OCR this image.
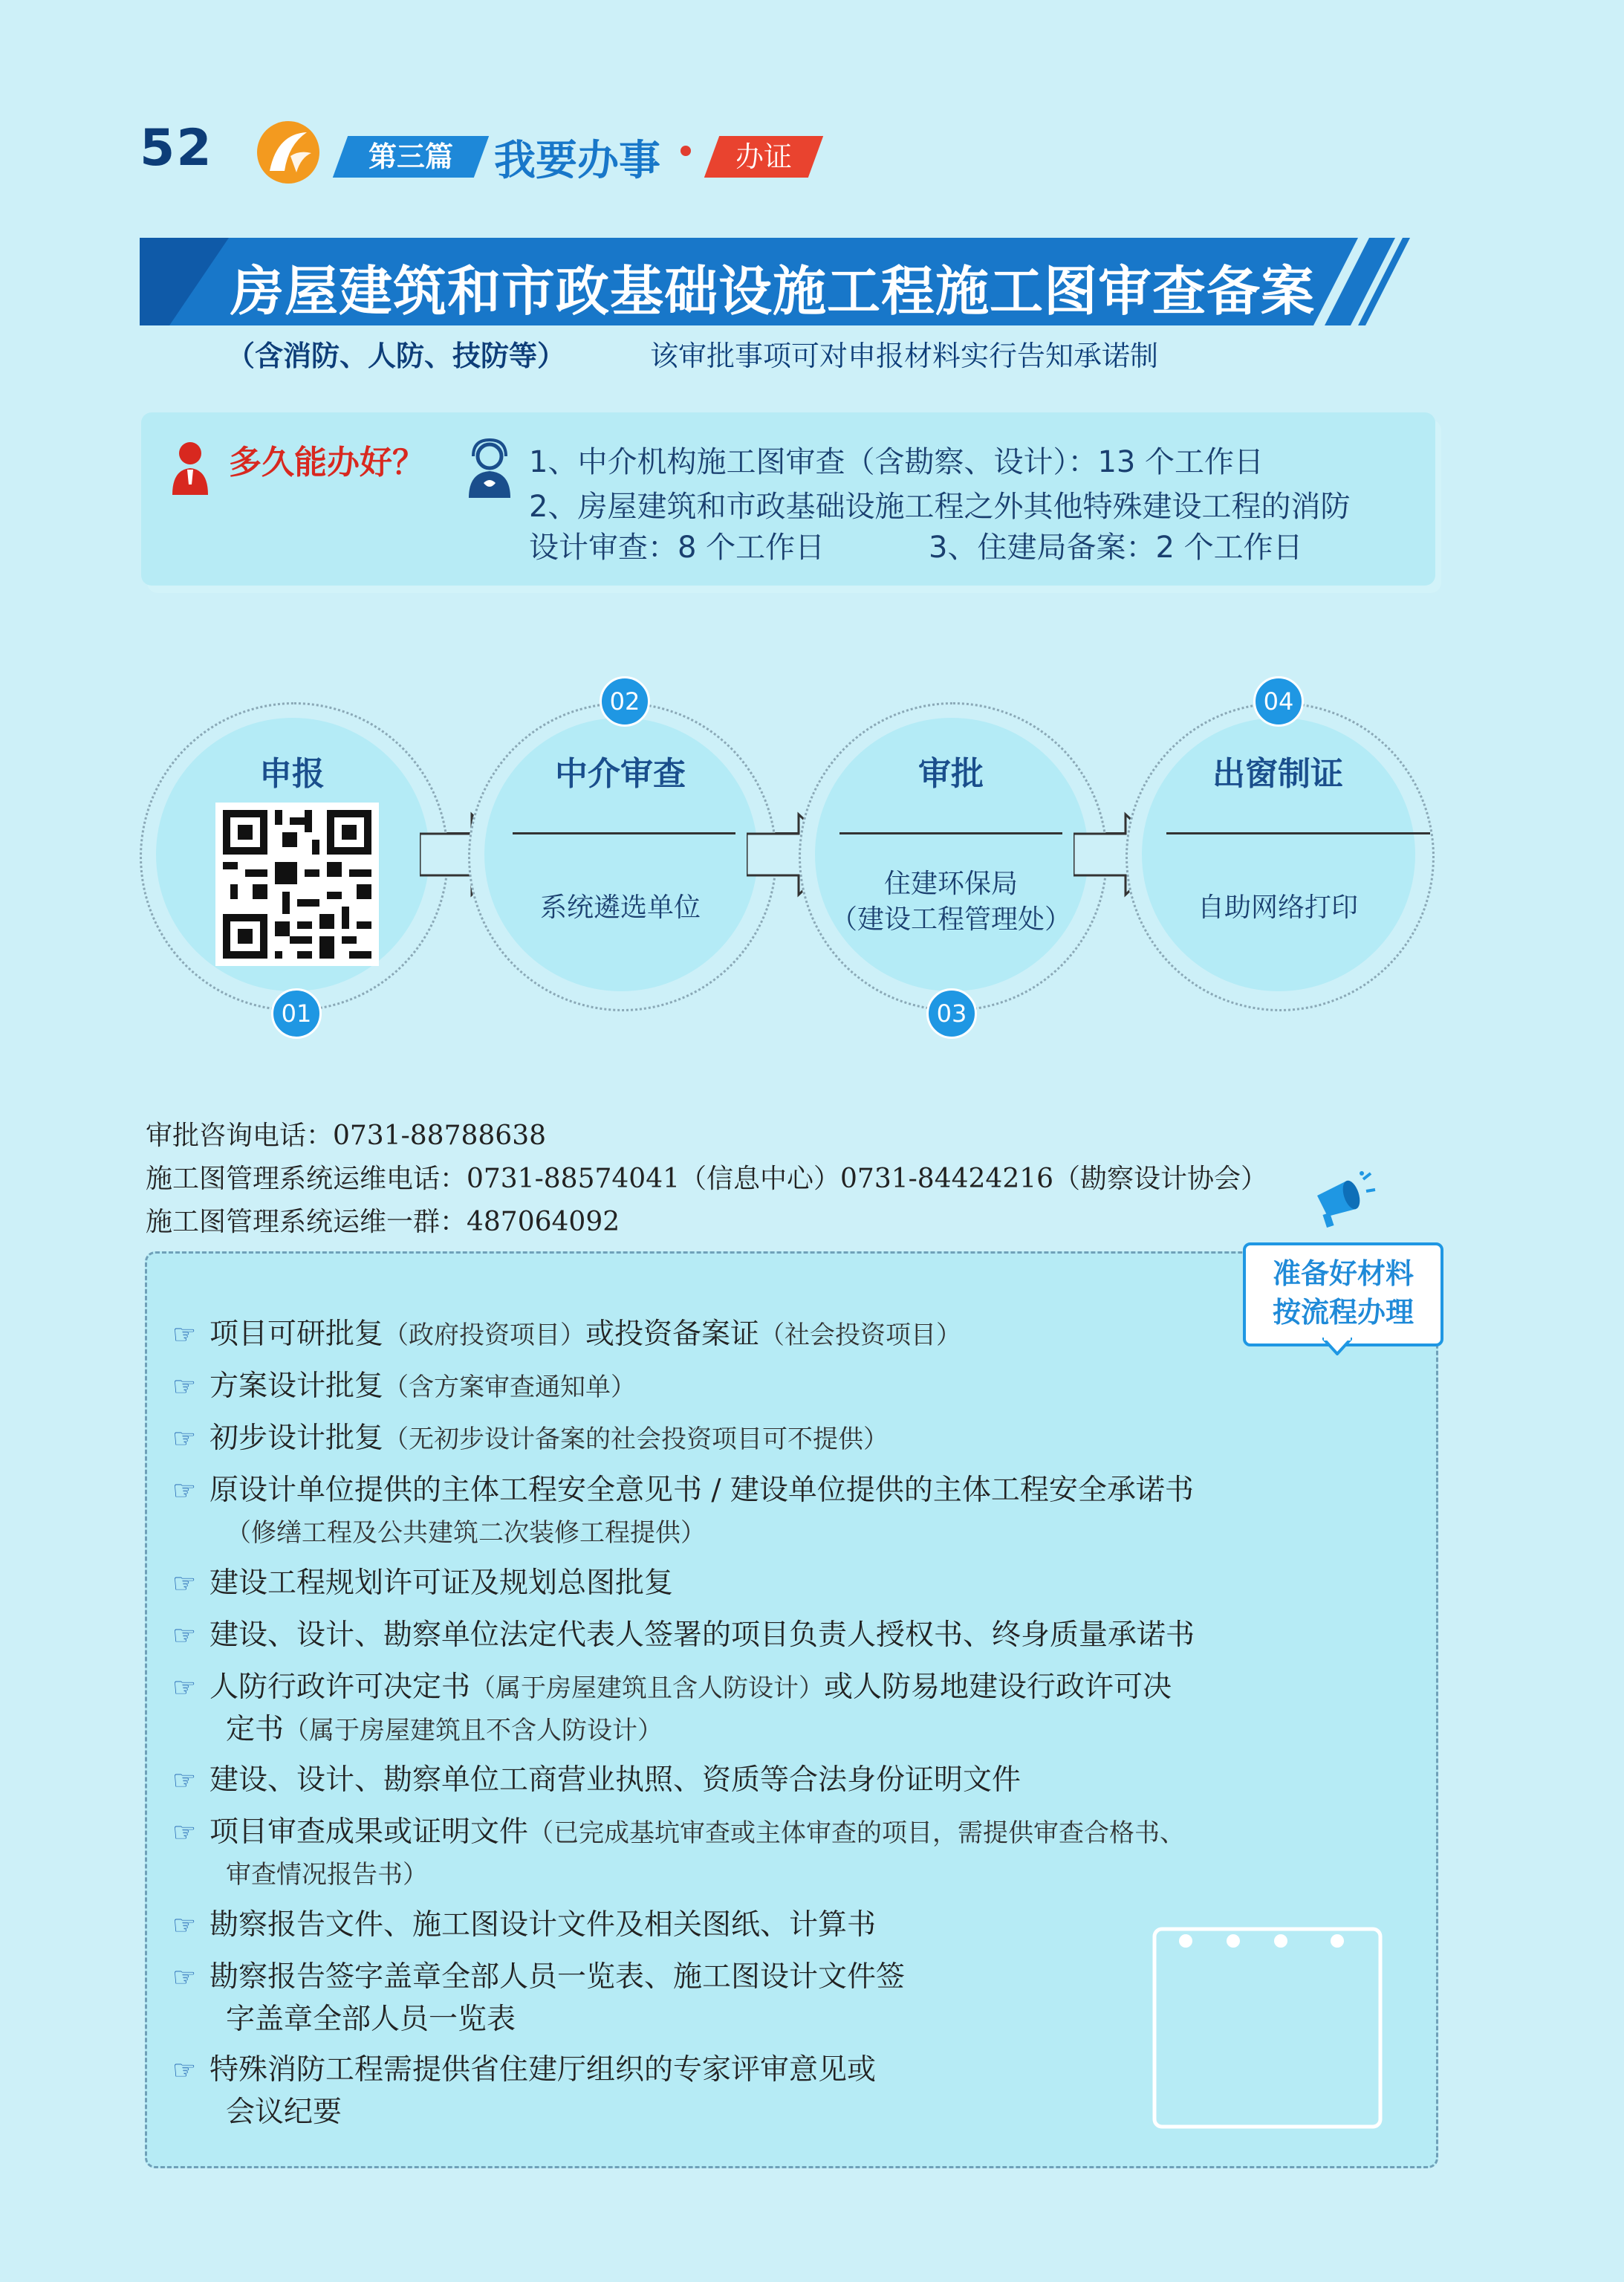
52	第三篇 我要办事	办证
房屋建筑和市政基础设施工程施工图审查备案
（含消防、人防、技防等）	该审批事项可对申报材料实行告知承诺制
多久能办好？	1、中介机构施工图审查（含勘察、设计）：13 个工作日
2、房屋建筑和市政基础设施工程之外其他特殊建设工程的消防
设计审查：8 个工作日	3、住建局备案：2 个工作日
申报
01
中介审查
系统遴选单位
02
审批
住建环保局
（建设工程管理处）
03
出窗制证
自助网络打印
04
审批咨询电话：0731-88788638
施工图管理系统运维电话：0731-88574041（信息中心）0731-84424216（勘察设计协会）
施工图管理系统运维一群：487064092
准备好材料
按流程办理
☞ 项目可研批复（政府投资项目）或投资备案证（社会投资项目）
☞ 方案设计批复（含方案审查通知单）
☞ 初步设计批复（无初步设计备案的社会投资项目可不提供）
☞ 原设计单位提供的主体工程安全意见书 / 建设单位提供的主体工程安全承诺书
（修缮工程及公共建筑二次装修工程提供）
☞ 建设工程规划许可证及规划总图批复
☞ 建设、设计、勘察单位法定代表人签署的项目负责人授权书、终身质量承诺书
☞ 人防行政许可决定书（属于房屋建筑且含人防设计）或人防易地建设行政许可决
定书（属于房屋建筑且不含人防设计）
☞ 建设、设计、勘察单位工商营业执照、资质等合法身份证明文件
☞ 项目审查成果或证明文件（已完成基坑审查或主体审查的项目，需提供审查合格书、
审查情况报告书）
☞ 勘察报告文件、施工图设计文件及相关图纸、计算书
☞ 勘察报告签字盖章全部人员一览表、施工图设计文件签
字盖章全部人员一览表
☞ 特殊消防工程需提供省住建厅组织的专家评审意见或
会议纪要
